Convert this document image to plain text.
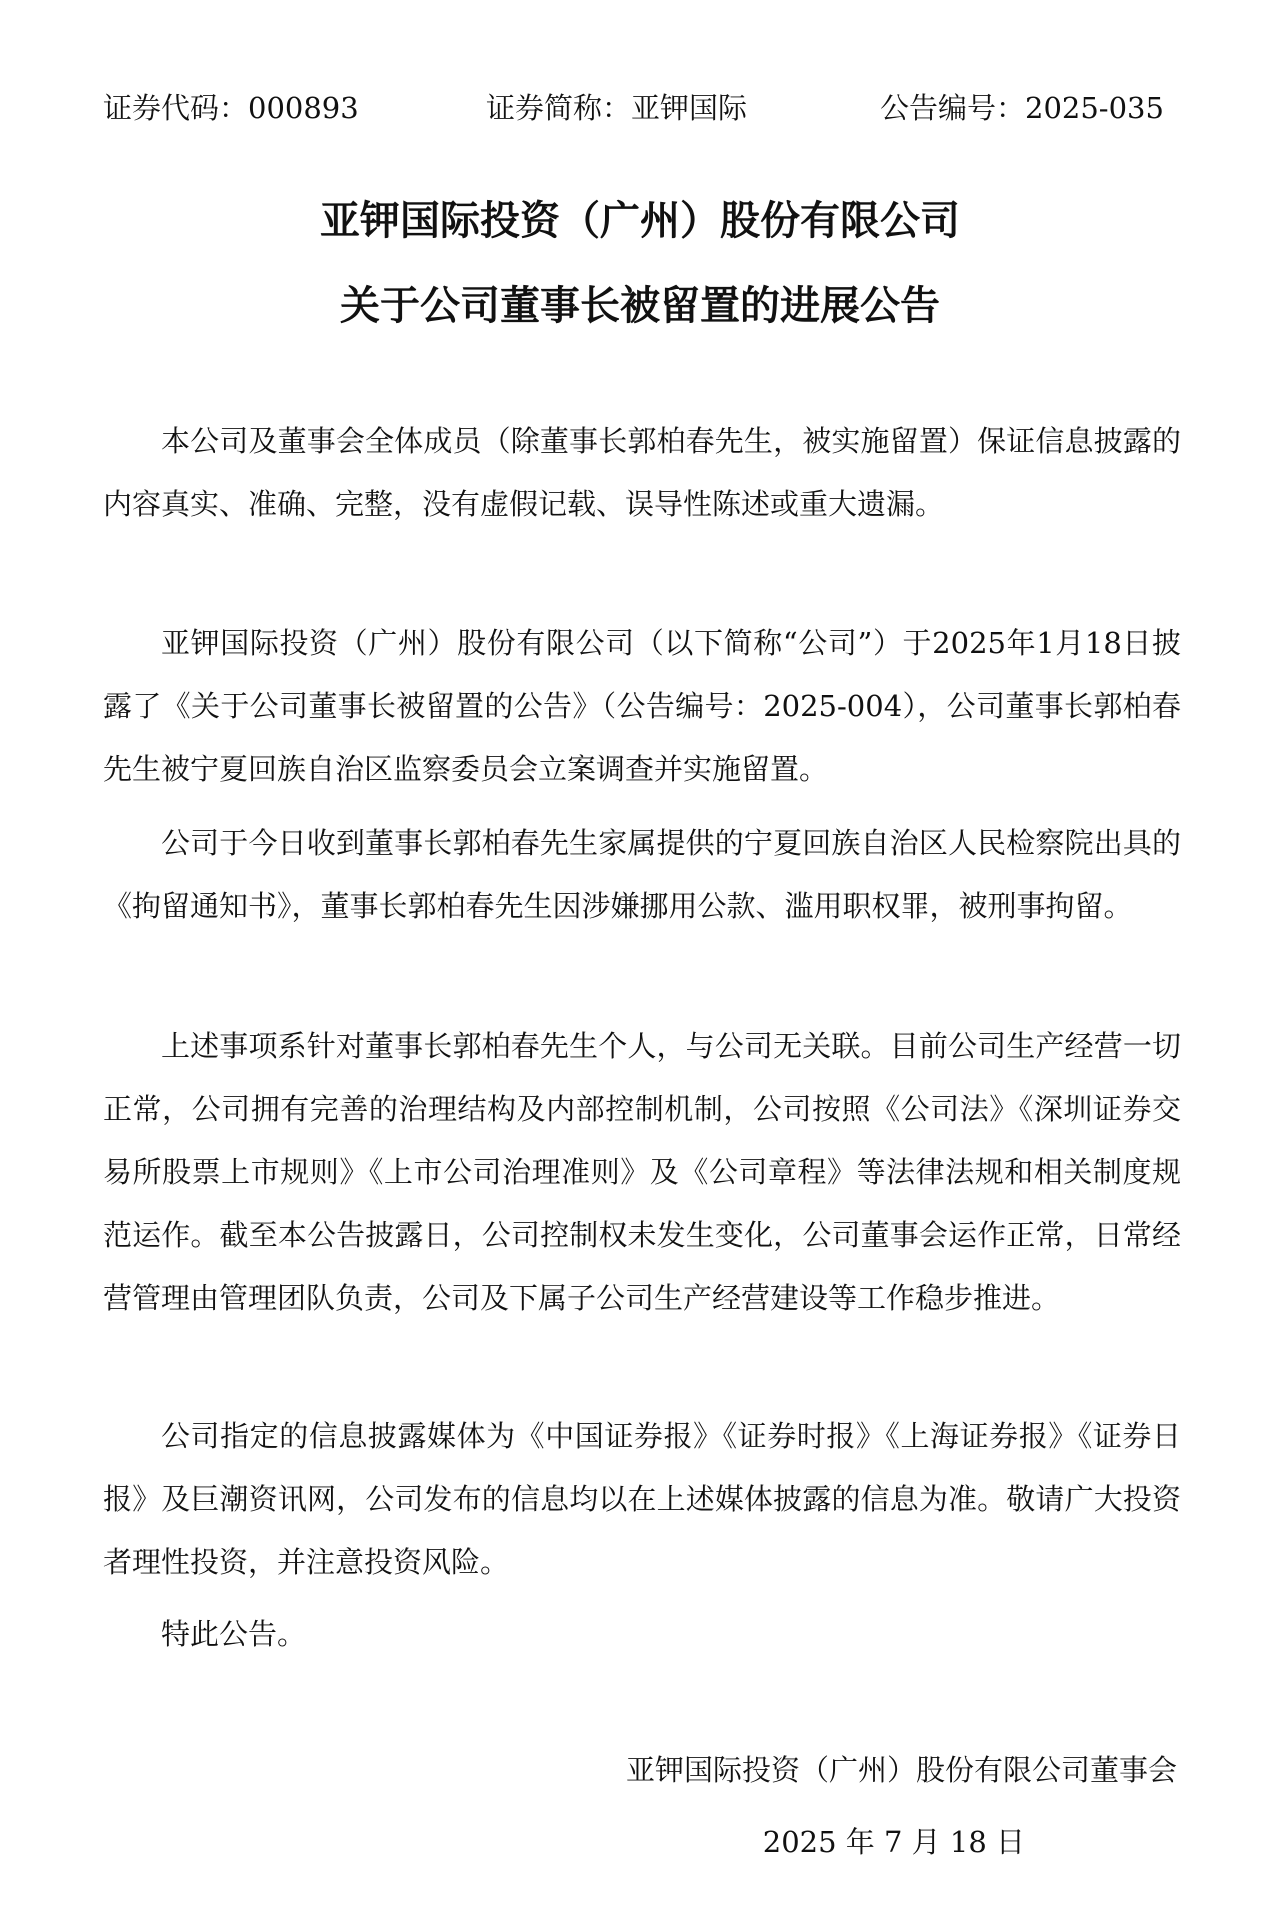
证券代码：000893	证券简称：亚钾国际	公告编号：2025-035
亚钾国际投资（广州）股份有限公司
关于公司董事长被留置的进展公告

本公司及董事会全体成员（除董事长郭柏春先生，被实施留置）保证信息披露的内容真实、准确、完整，没有虚假记载、误导性陈述或重大遗漏。

亚钾国际投资（广州）股份有限公司（以下简称“公司”）于2025年1月18日披露了《关于公司董事长被留置的公告》（公告编号：2025-004），公司董事长郭柏春先生被宁夏回族自治区监察委员会立案调查并实施留置。

公司于今日收到董事长郭柏春先生家属提供的宁夏回族自治区人民检察院出具的《拘留通知书》，董事长郭柏春先生因涉嫌挪用公款、滥用职权罪，被刑事拘留。

上述事项系针对董事长郭柏春先生个人，与公司无关联。目前公司生产经营一切正常，公司拥有完善的治理结构及内部控制机制，公司按照《公司法》《深圳证券交易所股票上市规则》《上市公司治理准则》及《公司章程》等法律法规和相关制度规范运作。截至本公告披露日，公司控制权未发生变化，公司董事会运作正常，日常经营管理由管理团队负责，公司及下属子公司生产经营建设等工作稳步推进。

公司指定的信息披露媒体为《中国证券报》《证券时报》《上海证券报》《证券日报》及巨潮资讯网，公司发布的信息均以在上述媒体披露的信息为准。敬请广大投资者理性投资，并注意投资风险。

特此公告。

亚钾国际投资（广州）股份有限公司董事会
2025 年 7 月 18 日
